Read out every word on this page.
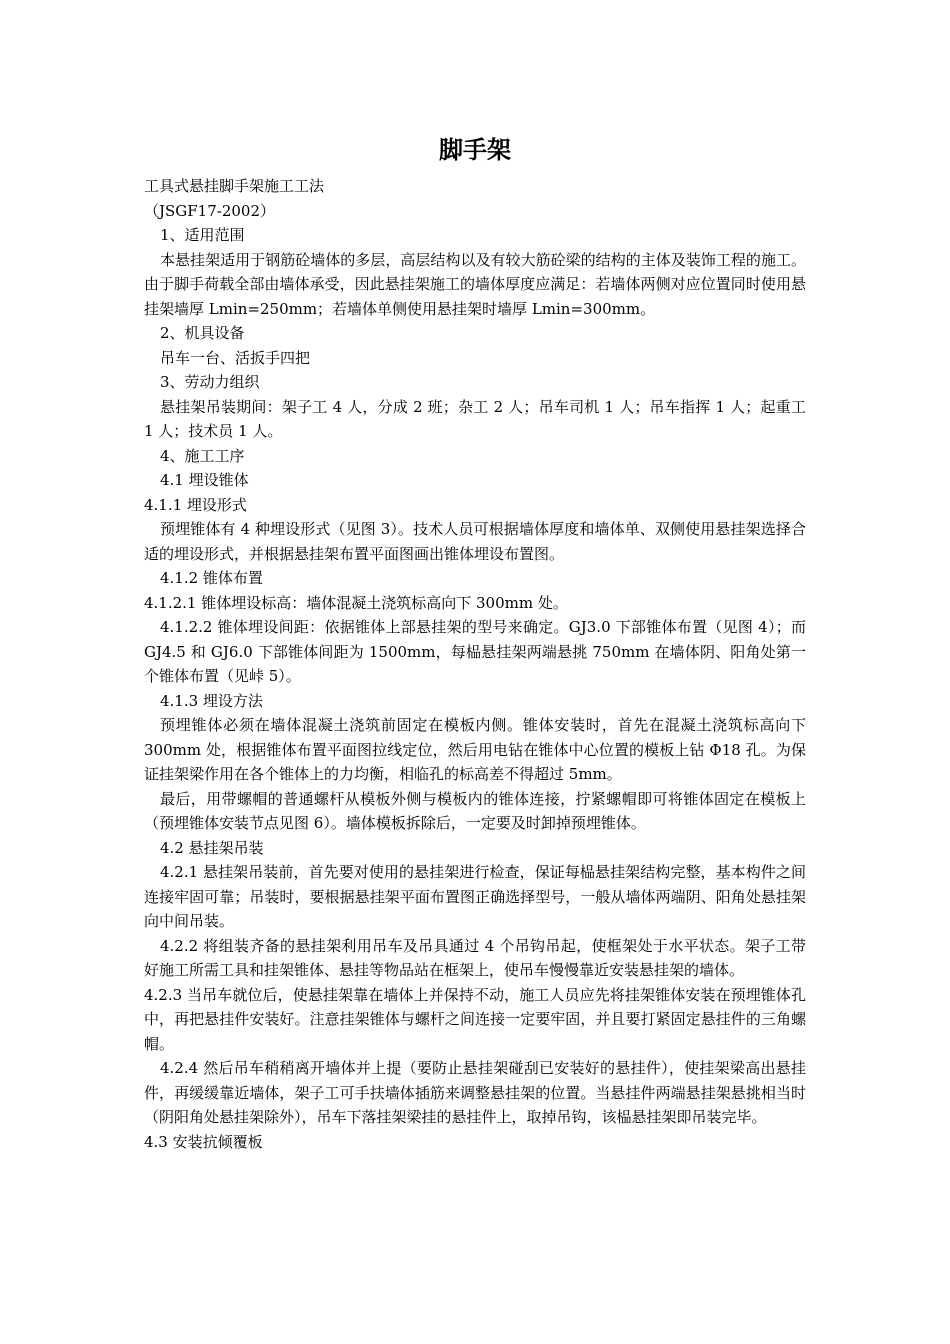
脚手架

工具式悬挂脚手架施工工法

（JSGF17-2002）

1、适用范围

本悬挂架适用于钢筋砼墙体的多层，高层结构以及有较大筋砼梁的结构的主体及装饰工程的施工。由于脚手荷载全部由墙体承受，因此悬挂架施工的墙体厚度应满足：若墙体两侧对应位置同时使用悬挂架墙厚 Lmin=250mm；若墙体单侧使用悬挂架时墙厚 Lmin=300mm。

2、机具设备

吊车一台、活扳手四把

3、劳动力组织

悬挂架吊装期间：架子工 4 人，分成 2 班；杂工 2 人；吊车司机 1 人；吊车指挥 1 人；起重工 1 人；技术员 1 人。

4、施工工序

4.1 埋设锥体

4.1.1 埋设形式

预埋锥体有 4 种埋设形式（见图 3）。技术人员可根据墙体厚度和墙体单、双侧使用悬挂架选择合适的埋设形式，并根据悬挂架布置平面图画出锥体埋设布置图。

4.1.2 锥体布置

4.1.2.1 锥体埋设标高：墙体混凝土浇筑标高向下 300mm 处。

4.1.2.2 锥体埋设间距：依据锥体上部悬挂架的型号来确定。GJ3.0 下部锥体布置（见图 4）；而 GJ4.5 和 GJ6.0 下部锥体间距为 1500mm，每榀悬挂架两端悬挑 750mm 在墙体阴、阳角处第一个锥体布置（见峠 5）。

4.1.3 埋设方法

预埋锥体必须在墙体混凝土浇筑前固定在模板内侧。锥体安装时，首先在混凝土浇筑标高向下 300mm 处，根据锥体布置平面图拉线定位，然后用电钻在锥体中心位置的模板上钻 Φ18 孔。为保证挂架梁作用在各个锥体上的力均衡，相临孔的标高差不得超过 5mm。

最后，用带螺帽的普通螺杆从模板外侧与模板内的锥体连接，拧紧螺帽即可将锥体固定在模板上（预埋锥体安装节点见图 6）。墙体模板拆除后，一定要及时卸掉预埋锥体。

4.2 悬挂架吊装

4.2.1 悬挂架吊装前，首先要对使用的悬挂架进行检查，保证每榀悬挂架结构完整，基本构件之间连接牢固可靠；吊装时，要根据悬挂架平面布置图正确选择型号，一般从墙体两端阴、阳角处悬挂架向中间吊装。

4.2.2 将组装齐备的悬挂架利用吊车及吊具通过 4 个吊钩吊起，使框架处于水平状态。架子工带好施工所需工具和挂架锥体、悬挂等物品站在框架上，使吊车慢慢靠近安装悬挂架的墙体。

4.2.3 当吊车就位后，使悬挂架靠在墙体上并保持不动，施工人员应先将挂架锥体安装在预埋锥体孔中，再把悬挂件安装好。注意挂架锥体与螺杆之间连接一定要牢固，并且要打紧固定悬挂件的三角螺帽。

4.2.4 然后吊车稍稍离开墙体并上提（要防止悬挂架碰刮已安装好的悬挂件），使挂架梁高出悬挂件，再缓缓靠近墙体，架子工可手扶墙体插筋来调整悬挂架的位置。当悬挂件两端悬挂架悬挑相当时（阴阳角处悬挂架除外），吊车下落挂架梁挂的悬挂件上，取掉吊钩，该榀悬挂架即吊装完毕。

4.3 安装抗倾覆板
